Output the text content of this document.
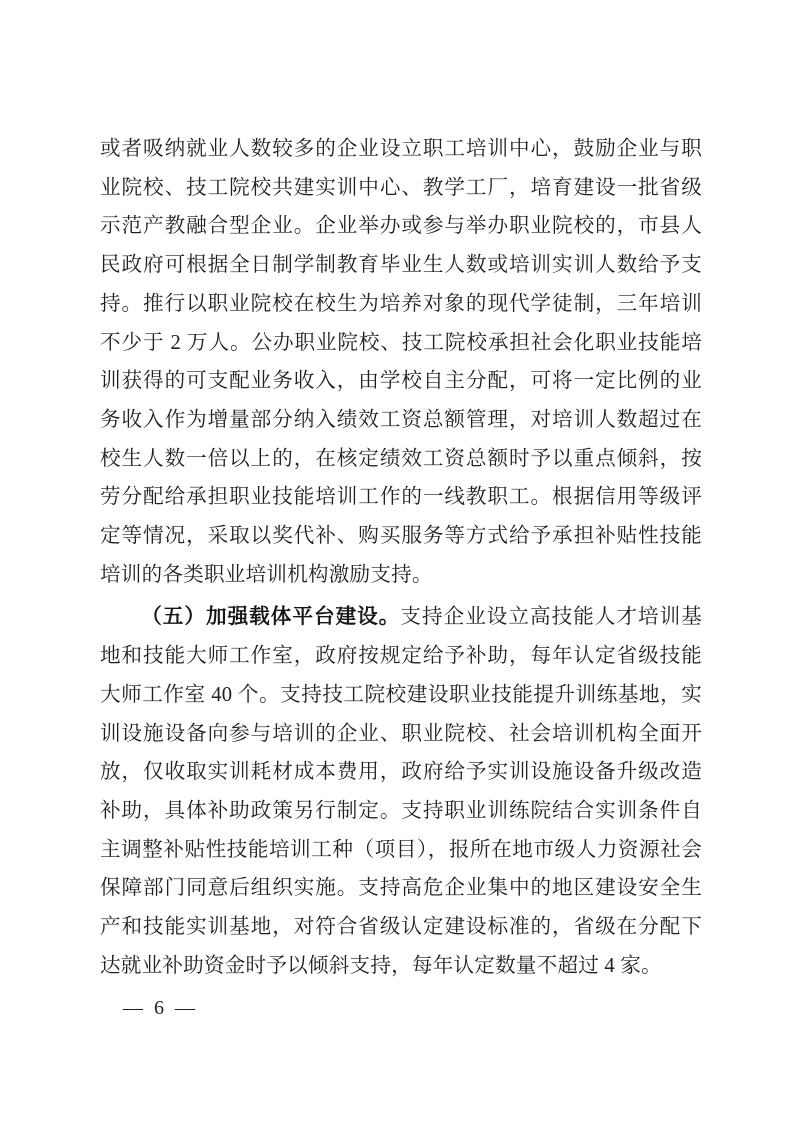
或者吸纳就业人数较多的企业设立职工培训中心，鼓励企业与职业院校、技工院校共建实训中心、教学工厂，培育建设一批省级示范产教融合型企业。企业举办或参与举办职业院校的，市县人民政府可根据全日制学制教育毕业生人数或培训实训人数给予支持。推行以职业院校在校生为培养对象的现代学徒制，三年培训不少于 2 万人。公办职业院校、技工院校承担社会化职业技能培训获得的可支配业务收入，由学校自主分配，可将一定比例的业务收入作为增量部分纳入绩效工资总额管理，对培训人数超过在校生人数一倍以上的，在核定绩效工资总额时予以重点倾斜，按劳分配给承担职业技能培训工作的一线教职工。根据信用等级评定等情况，采取以奖代补、购买服务等方式给予承担补贴性技能培训的各类职业培训机构激励支持。

（五）加强载体平台建设。支持企业设立高技能人才培训基地和技能大师工作室，政府按规定给予补助，每年认定省级技能大师工作室 40 个。支持技工院校建设职业技能提升训练基地，实训设施设备向参与培训的企业、职业院校、社会培训机构全面开放，仅收取实训耗材成本费用，政府给予实训设施设备升级改造补助，具体补助政策另行制定。支持职业训练院结合实训条件自主调整补贴性技能培训工种（项目），报所在地市级人力资源社会保障部门同意后组织实施。支持高危企业集中的地区建设安全生产和技能实训基地，对符合省级认定建设标准的，省级在分配下达就业补助资金时予以倾斜支持，每年认定数量不超过 4 家。

— 6 —
